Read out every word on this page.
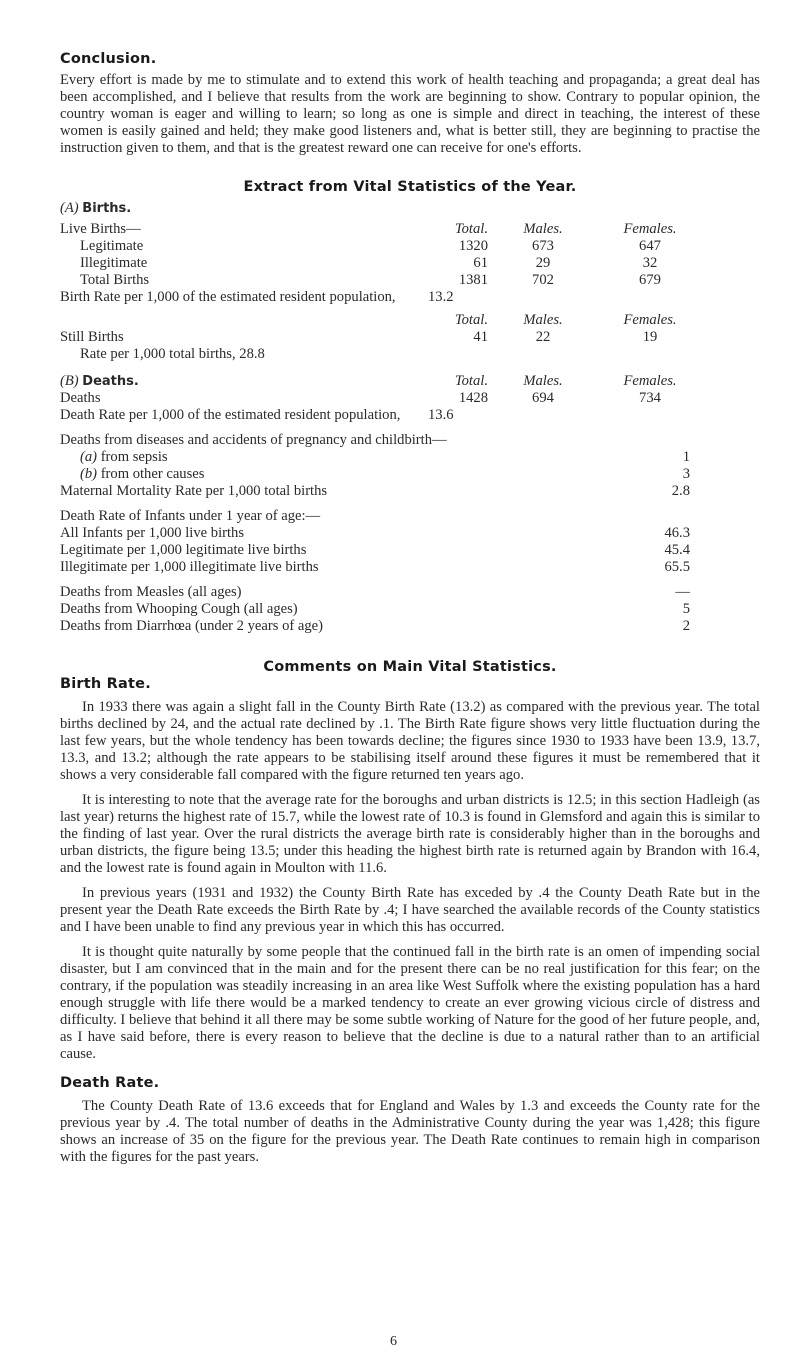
Conclusion.

Every effort is made by me to stimulate and to extend this work of health teaching and propaganda; a great deal has been accomplished, and I believe that results from the work are beginning to show. Contrary to popular opinion, the country woman is eager and willing to learn; so long as one is simple and direct in teaching, the interest of these women is easily gained and held; they make good listeners and, what is better still, they are beginning to practise the instruction given to them, and that is the greatest reward one can receive for one's efforts.

Extract from Vital Statistics of the Year.
(A) Births.
Live Births—	Total.	Males.	Females.
Legitimate	1320	673	647
Illegitimate	61	29	32
Total Births	1381	702	679
Birth Rate per 1,000 of the estimated resident population, 13.2
Total.	Males.	Females.
Still Births	41	22	19
Rate per 1,000 total births, 28.8
(B) Deaths.	Total.	Males.	Females.
Deaths	1428	694	734
Death Rate per 1,000 of the estimated resident population, 13.6
Deaths from diseases and accidents of pregnancy and childbirth—
(a) from sepsis	1
(b) from other causes	3
Maternal Mortality Rate per 1,000 total births	2.8
Death Rate of Infants under 1 year of age:—
All Infants per 1,000 live births	46.3
Legitimate per 1,000 legitimate live births	45.4
Illegitimate per 1,000 illegitimate live births	65.5
Deaths from Measles (all ages)	—
Deaths from Whooping Cough (all ages)	5
Deaths from Diarrhœa (under 2 years of age)	2
Comments on Main Vital Statistics.
Birth Rate.

In 1933 there was again a slight fall in the County Birth Rate (13.2) as compared with the previous year. The total births declined by 24, and the actual rate declined by .1. The Birth Rate figure shows very little fluctuation during the last few years, but the whole tendency has been towards decline; the figures since 1930 to 1933 have been 13.9, 13.7, 13.3, and 13.2; although the rate appears to be stabilising itself around these figures it must be remembered that it shows a very considerable fall compared with the figure returned ten years ago.

It is interesting to note that the average rate for the boroughs and urban districts is 12.5; in this section Hadleigh (as last year) returns the highest rate of 15.7, while the lowest rate of 10.3 is found in Glemsford and again this is similar to the finding of last year. Over the rural districts the average birth rate is considerably higher than in the boroughs and urban districts, the figure being 13.5; under this heading the highest birth rate is returned again by Brandon with 16.4, and the lowest rate is found again in Moulton with 11.6.

In previous years (1931 and 1932) the County Birth Rate has exceded by .4 the County Death Rate but in the present year the Death Rate exceeds the Birth Rate by .4; I have searched the available records of the County statistics and I have been unable to find any previous year in which this has occurred.

It is thought quite naturally by some people that the continued fall in the birth rate is an omen of impending social disaster, but I am convinced that in the main and for the present there can be no real justification for this fear; on the contrary, if the population was steadily increasing in an area like West Suffolk where the existing population has a hard enough struggle with life there would be a marked tendency to create an ever growing vicious circle of distress and difficulty. I believe that behind it all there may be some subtle working of Nature for the good of her future people, and, as I have said before, there is every reason to believe that the decline is due to a natural rather than to an artificial cause.

Death Rate.

The County Death Rate of 13.6 exceeds that for England and Wales by 1.3 and exceeds the County rate for the previous year by .4. The total number of deaths in the Administrative County during the year was 1,428; this figure shows an increase of 35 on the figure for the previous year. The Death Rate continues to remain high in comparison with the figures for the past years.

6
